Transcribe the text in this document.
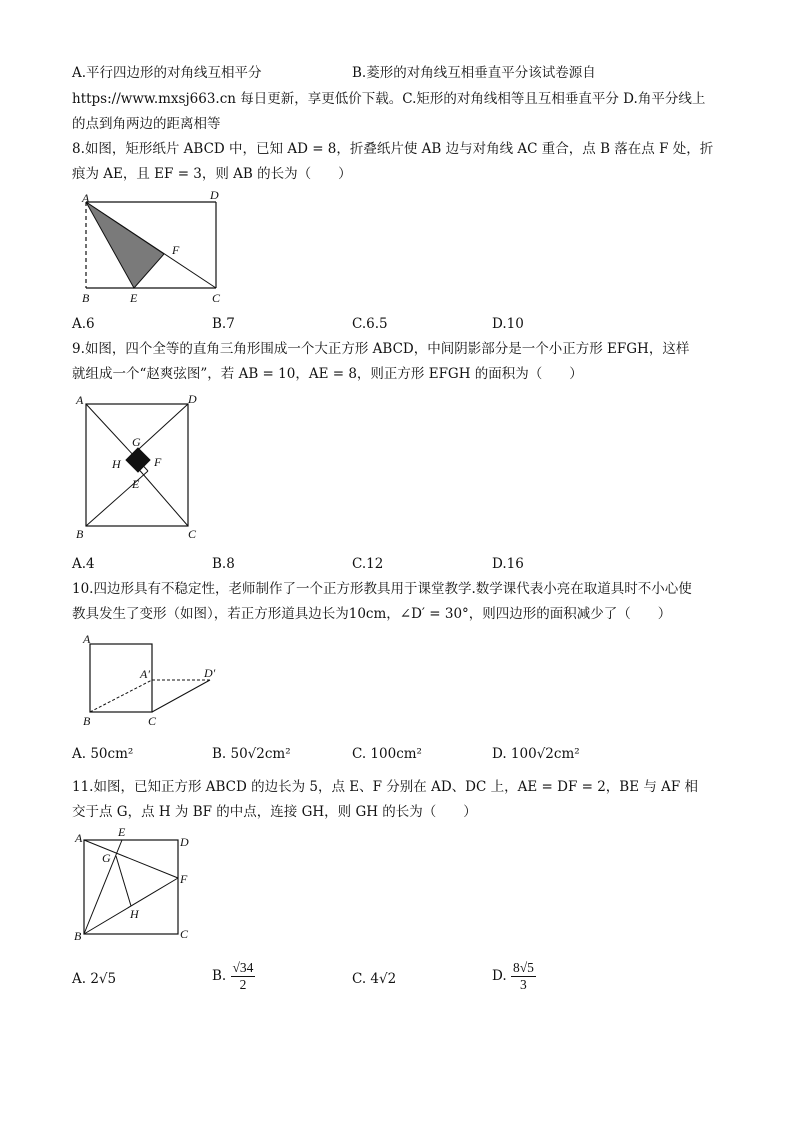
A.平行四边形的对角线互相平分	B.菱形的对角线互相垂直平分该试卷源自
https://www.mxsj663.cn 每日更新，享更低价下载。C.矩形的对角线相等且互相垂直平分 D.角平分线上
的点到角两边的距离相等
8.如图，矩形纸片 ABCD 中，已知 AD = 8，折叠纸片使 AB 边与对角线 AC 重合，点 B 落在点 F 处，折
痕为 AE，且 EF = 3，则 AB 的长为（　　）
A	D
B	E	C
F
A.6	B.7	C.6.5	D.10
9.如图，四个全等的直角三角形围成一个大正方形 ABCD，中间阴影部分是一个小正方形 EFGH，这样
就组成一个“赵爽弦图”，若 AB = 10，AE = 8，则正方形 EFGH 的面积为（　　）
A	D
B	C
G
H	F
E
A.4	B.8	C.12	D.16
10.四边形具有不稳定性，老师制作了一个正方形教具用于课堂教学.数学课代表小亮在取道具时不小心使
教具发生了变形（如图），若正方形道具边长为10cm，∠D′ = 30°，则四边形的面积减少了（　　）
A
B	C
A′	D′
A. 50cm²	B. 50√2cm²	C. 100cm²	D. 100√2cm²
11.如图，已知正方形 ABCD 的边长为 5，点 E、F 分别在 AD、DC 上，AE = DF = 2，BE 与 AF 相
交于点 G，点 H 为 BF 的中点，连接 GH，则 GH 的长为（　　）
A	E
D
G
F
H
B	C
A. 2√5	B. $\frac{√34}{2}$	C. 4√2	D. $\frac{8√5}{3}$
